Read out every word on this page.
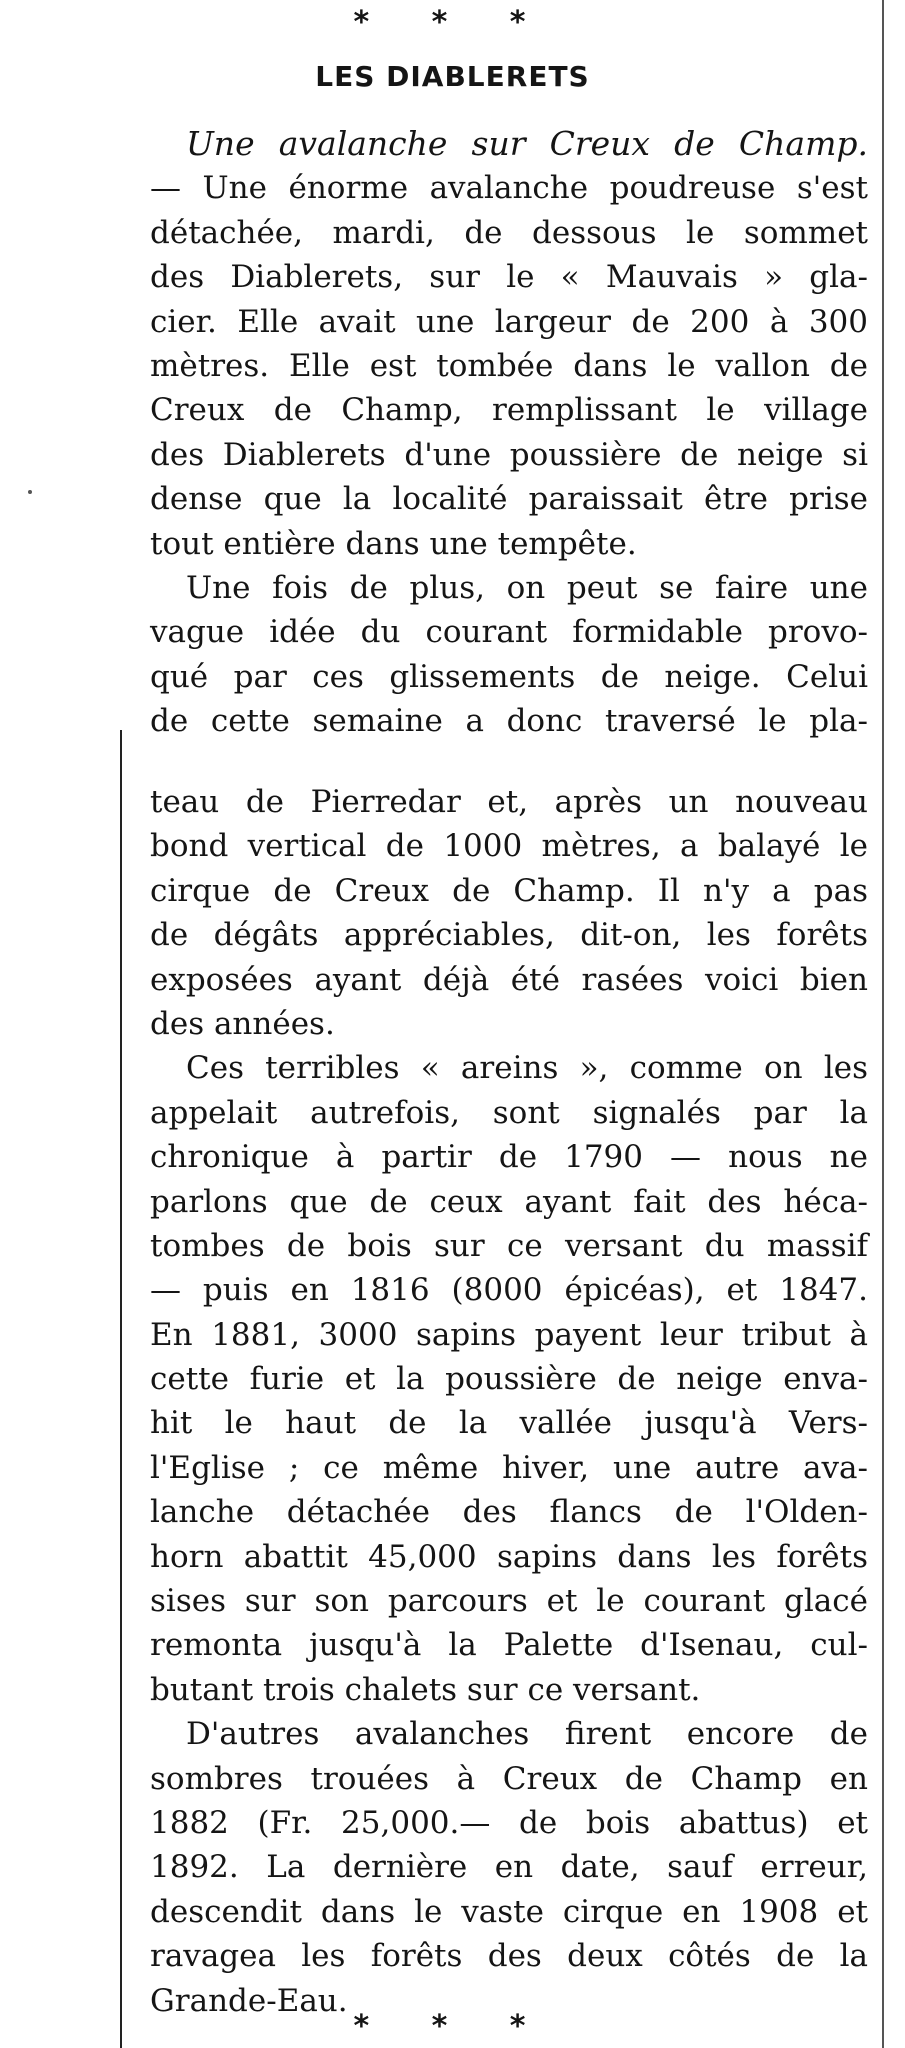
* * *
LES DIABLERETS
Une avalanche sur Creux de Champ.
— Une énorme avalanche poudreuse s'est
détachée, mardi, de dessous le sommet
des Diablerets, sur le « Mauvais » gla-
cier. Elle avait une largeur de 200 à 300
mètres. Elle est tombée dans le vallon de
Creux de Champ, remplissant le village
des Diablerets d'une poussière de neige si
dense que la localité paraissait être prise
tout entière dans une tempête.
Une fois de plus, on peut se faire une
vague idée du courant formidable provo-
qué par ces glissements de neige. Celui
de cette semaine a donc traversé le pla-
teau de Pierredar et, après un nouveau
bond vertical de 1000 mètres, a balayé le
cirque de Creux de Champ. Il n'y a pas
de dégâts appréciables, dit-on, les forêts
exposées ayant déjà été rasées voici bien
des années.
Ces terribles « areins », comme on les
appelait autrefois, sont signalés par la
chronique à partir de 1790 — nous ne
parlons que de ceux ayant fait des héca-
tombes de bois sur ce versant du massif
— puis en 1816 (8000 épicéas), et 1847.
En 1881, 3000 sapins payent leur tribut à
cette furie et la poussière de neige enva-
hit le haut de la vallée jusqu'à Vers-
l'Eglise ; ce même hiver, une autre ava-
lanche détachée des flancs de l'Olden-
horn abattit 45,000 sapins dans les forêts
sises sur son parcours et le courant glacé
remonta jusqu'à la Palette d'Isenau, cul-
butant trois chalets sur ce versant.
D'autres avalanches firent encore de
sombres trouées à Creux de Champ en
1882 (Fr. 25,000.— de bois abattus) et
1892. La dernière en date, sauf erreur,
descendit dans le vaste cirque en 1908 et
ravagea les forêts des deux côtés de la
Grande-Eau.
* * *
